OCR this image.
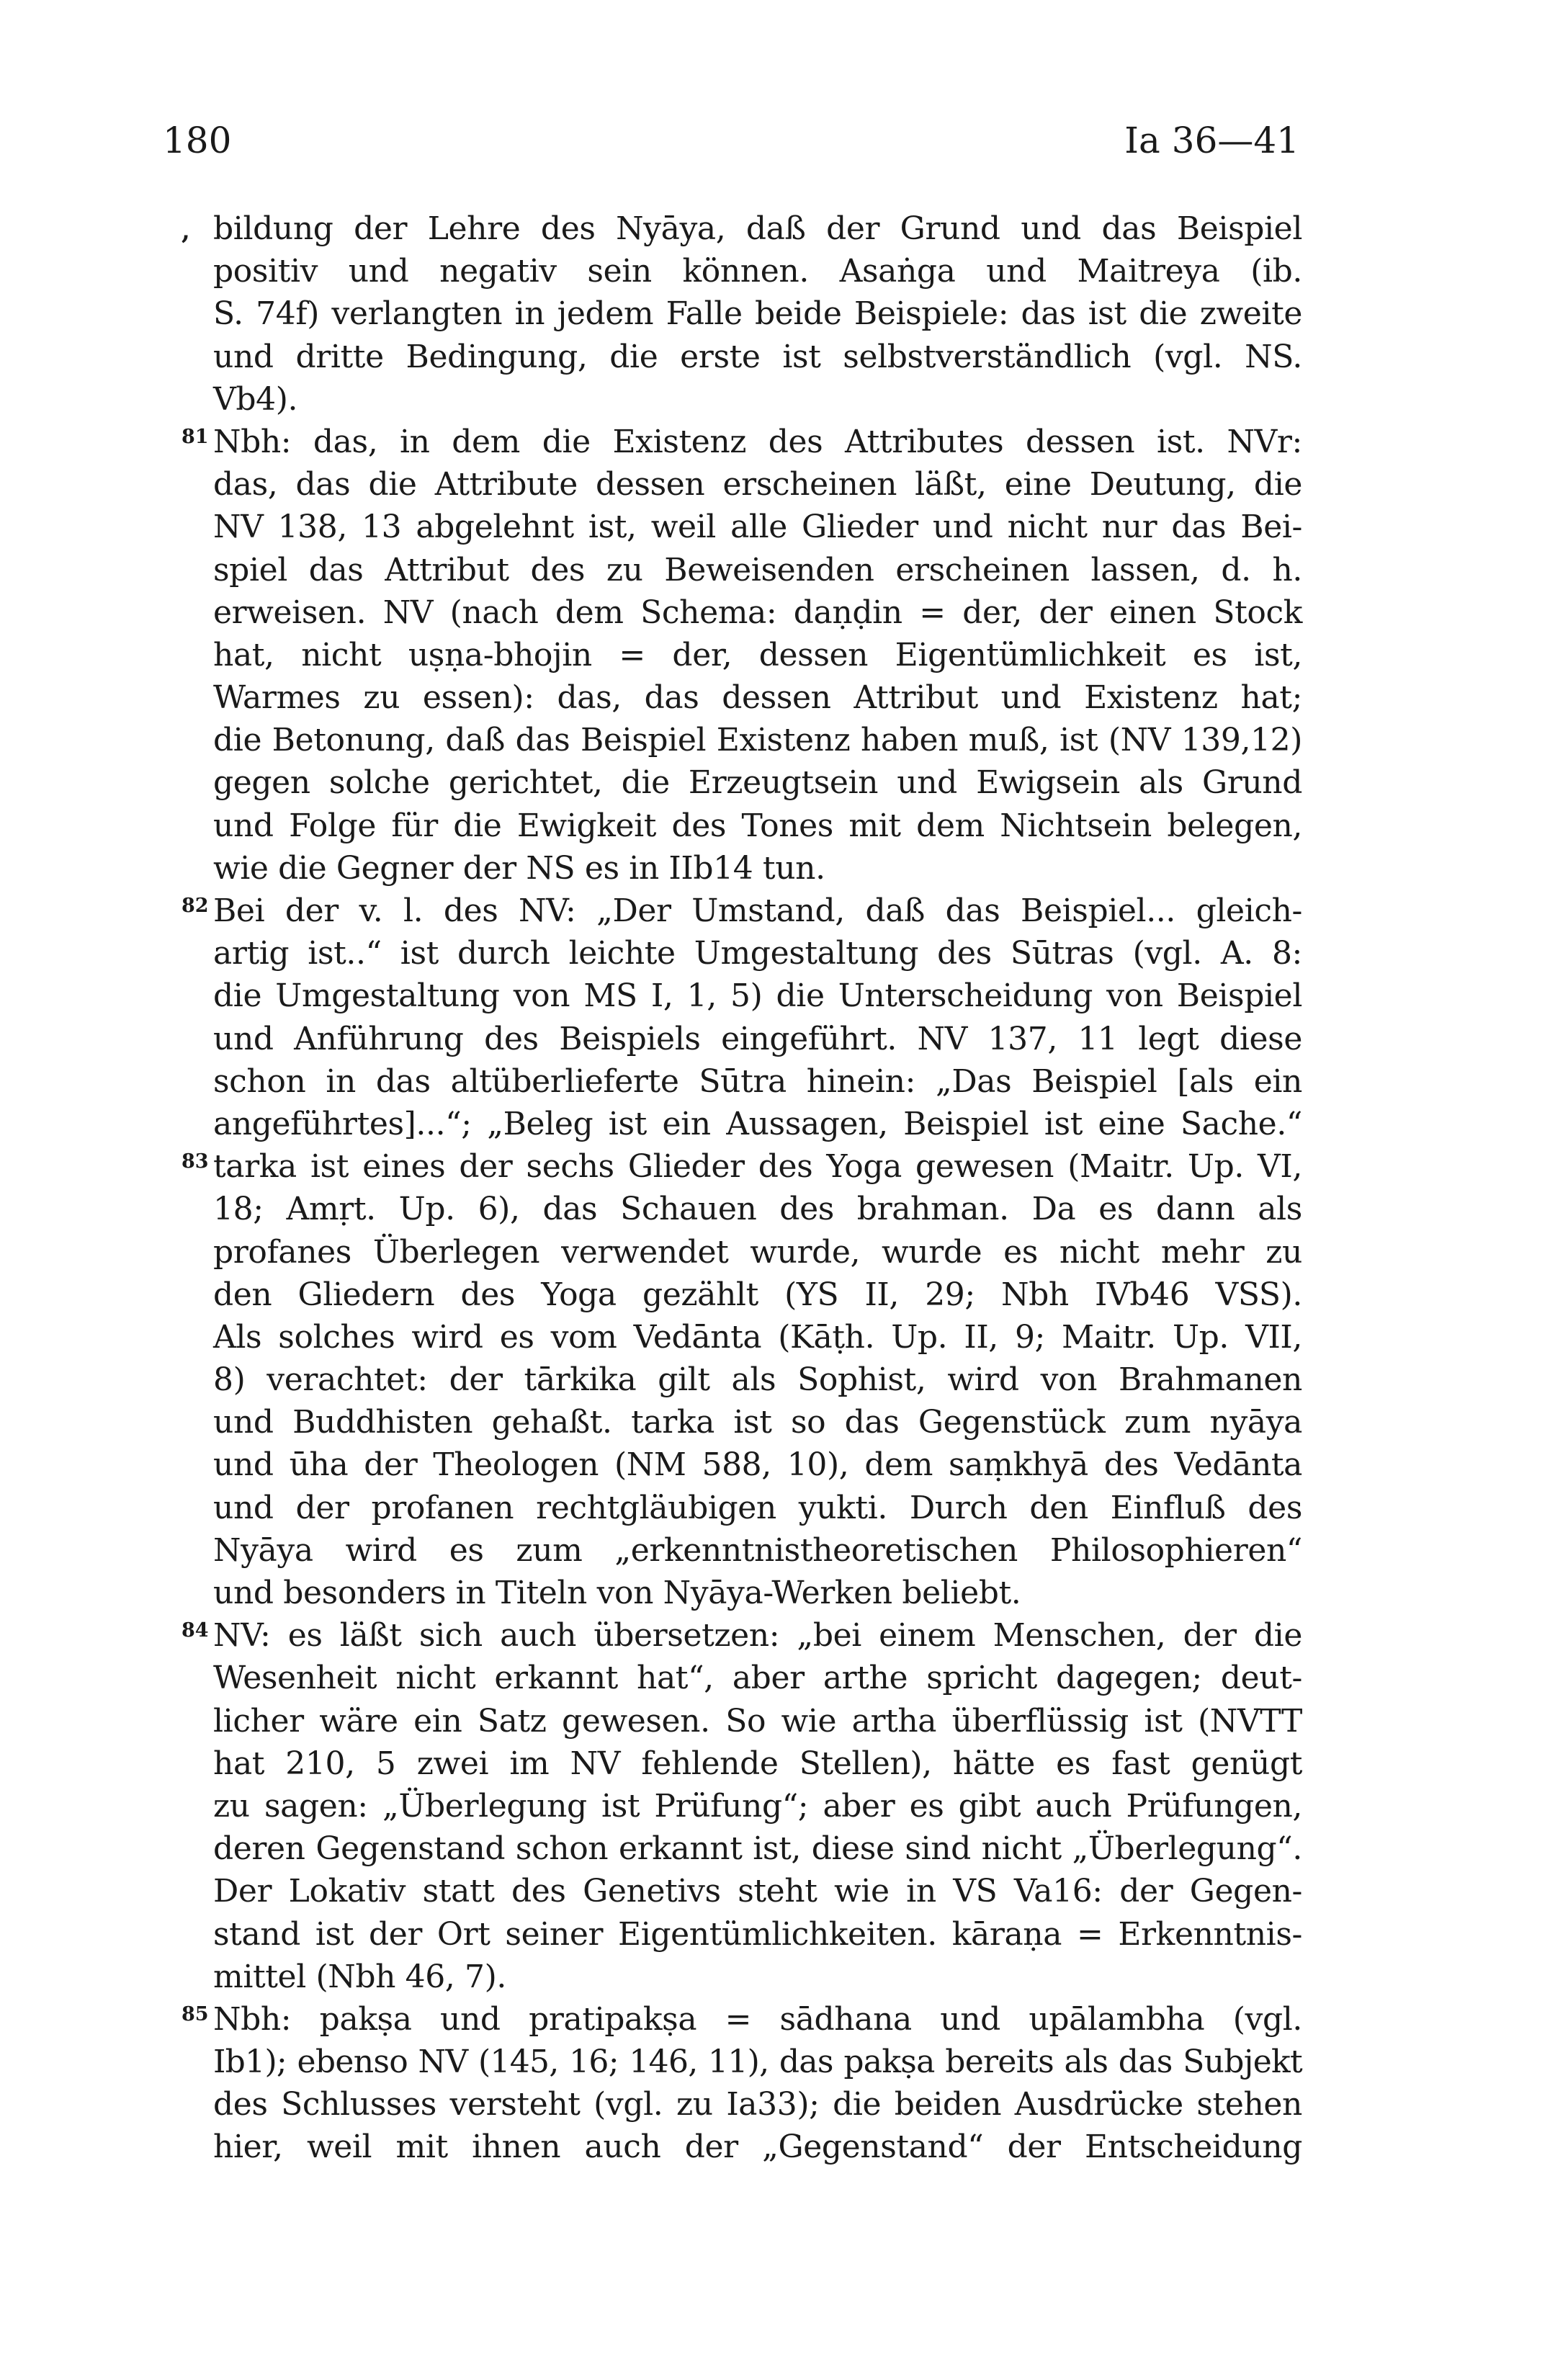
180	Ia 36—41
, bildung der Lehre des Nyāya, daß der Grund und das Beispiel
positiv und negativ sein können. Asaṅga und Maitreya (ib.
S. 74f) verlangten in jedem Falle beide Beispiele: das ist die zweite
und dritte Bedingung, die erste ist selbstverständlich (vgl. NS.
Vb4).
81 Nbh: das, in dem die Existenz des Attributes dessen ist. NVr:
das, das die Attribute dessen erscheinen läßt, eine Deutung, die
NV 138, 13 abgelehnt ist, weil alle Glieder und nicht nur das Bei-
spiel das Attribut des zu Beweisenden erscheinen lassen, d. h.
erweisen. NV (nach dem Schema: daṇḍin = der, der einen Stock
hat, nicht uṣṇa-bhojin = der, dessen Eigentümlichkeit es ist,
Warmes zu essen): das, das dessen Attribut und Existenz hat;
die Betonung, daß das Beispiel Existenz haben muß, ist (NV 139,12)
gegen solche gerichtet, die Erzeugtsein und Ewigsein als Grund
und Folge für die Ewigkeit des Tones mit dem Nichtsein belegen,
wie die Gegner der NS es in IIb14 tun.
82 Bei der v. l. des NV: „Der Umstand, daß das Beispiel... gleich-
artig ist..“ ist durch leichte Umgestaltung des Sūtras (vgl. A. 8:
die Umgestaltung von MS I, 1, 5) die Unterscheidung von Beispiel
und Anführung des Beispiels eingeführt. NV 137, 11 legt diese
schon in das altüberlieferte Sūtra hinein: „Das Beispiel [als ein
angeführtes]...“; „Beleg ist ein Aussagen, Beispiel ist eine Sache.“
83 tarka ist eines der sechs Glieder des Yoga gewesen (Maitr. Up. VI,
18; Amṛt. Up. 6), das Schauen des brahman. Da es dann als
profanes Überlegen verwendet wurde, wurde es nicht mehr zu
den Gliedern des Yoga gezählt (YS II, 29; Nbh IVb46 VSS).
Als solches wird es vom Vedānta (Kāṭh. Up. II, 9; Maitr. Up. VII,
8) verachtet: der tārkika gilt als Sophist, wird von Brahmanen
und Buddhisten gehaßt. tarka ist so das Gegenstück zum nyāya
und ūha der Theologen (NM 588, 10), dem saṃkhyā des Vedānta
und der profanen rechtgläubigen yukti. Durch den Einfluß des
Nyāya wird es zum „erkenntnistheoretischen Philosophieren“
und besonders in Titeln von Nyāya-Werken beliebt.
84 NV: es läßt sich auch übersetzen: „bei einem Menschen, der die
Wesenheit nicht erkannt hat“, aber arthe spricht dagegen; deut-
licher wäre ein Satz gewesen. So wie artha überflüssig ist (NVTT
hat 210, 5 zwei im NV fehlende Stellen), hätte es fast genügt
zu sagen: „Überlegung ist Prüfung“; aber es gibt auch Prüfungen,
deren Gegenstand schon erkannt ist, diese sind nicht „Überlegung“.
Der Lokativ statt des Genetivs steht wie in VS Va16: der Gegen-
stand ist der Ort seiner Eigentümlichkeiten. kāraṇa = Erkenntnis-
mittel (Nbh 46, 7).
85 Nbh: pakṣa und pratipakṣa = sādhana und upālambha (vgl.
Ib1); ebenso NV (145, 16; 146, 11), das pakṣa bereits als das Subjekt
des Schlusses versteht (vgl. zu Ia33); die beiden Ausdrücke stehen
hier, weil mit ihnen auch der „Gegenstand“ der Entscheidung
